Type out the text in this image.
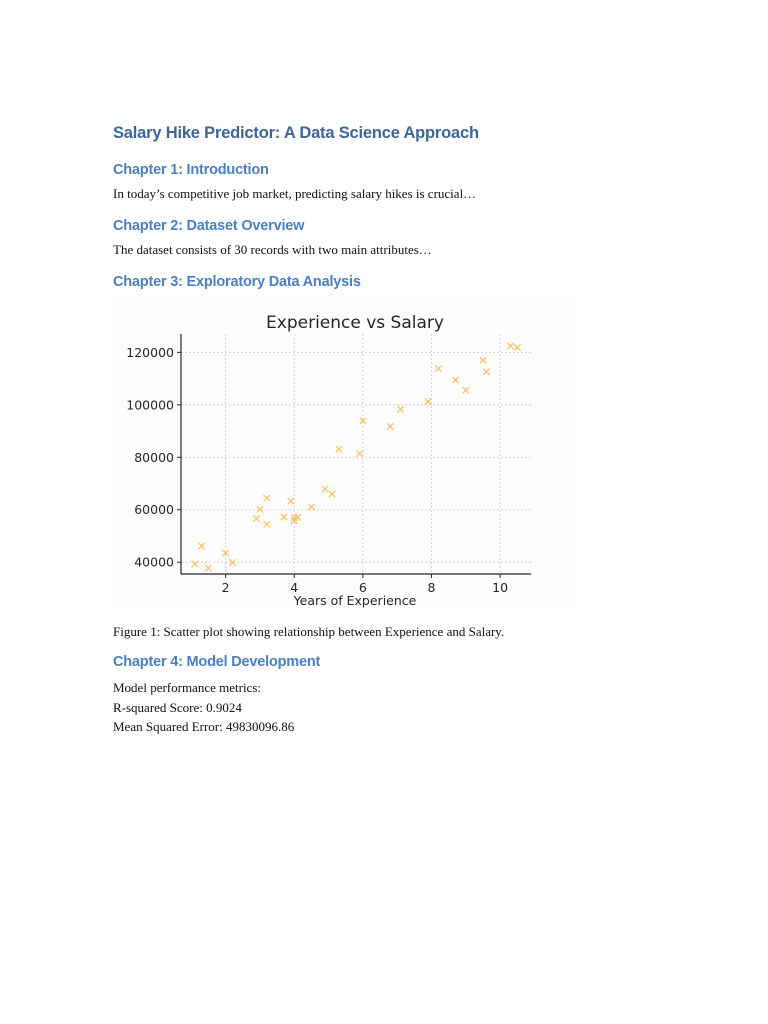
Salary Hike Predictor: A Data Science Approach
Chapter 1: Introduction

In today’s competitive job market, predicting salary hikes is crucial…

Chapter 2: Dataset Overview

The dataset consists of 30 records with two main attributes…

Chapter 3: Exploratory Data Analysis
2	4	6	8	10
40000
60000
80000
100000
120000
Experience vs Salary
Years of Experience

Figure 1: Scatter plot showing relationship between Experience and Salary.

Chapter 4: Model Development
Model performance metrics:
R-squared Score: 0.9024
Mean Squared Error: 49830096.86
